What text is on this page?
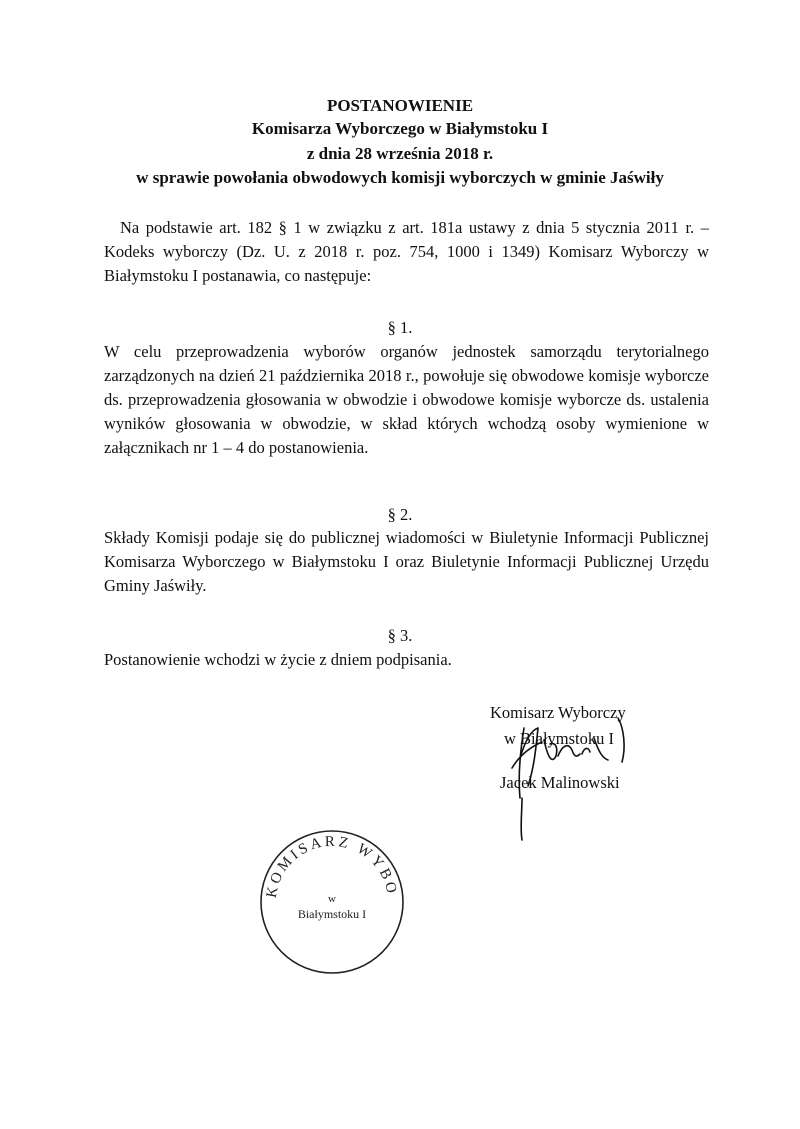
POSTANOWIENIE
Komisarza Wyborczego w Białymstoku I
z dnia 28 września 2018 r.
w sprawie powołania obwodowych komisji wyborczych w gminie Jaświły
Na podstawie art. 182 § 1 w związku z art. 181a ustawy z dnia 5 stycznia 2011 r. – Kodeks wyborczy (Dz. U. z 2018 r. poz. 754, 1000 i 1349) Komisarz Wyborczy w Białymstoku I postanawia, co następuje:
§ 1.
W celu przeprowadzenia wyborów organów jednostek samorządu terytorialnego zarządzonych na dzień 21 października 2018 r., powołuje się obwodowe komisje wyborcze ds. przeprowadzenia głosowania w obwodzie i obwodowe komisje wyborcze ds. ustalenia wyników głosowania w obwodzie, w skład których wchodzą osoby wymienione w załącznikach nr 1 – 4 do postanowienia.
§ 2.
Składy Komisji podaje się do publicznej wiadomości w Biuletynie Informacji Publicznej Komisarza Wyborczego w Białymstoku I oraz Biuletynie Informacji Publicznej Urzędu Gminy Jaświły.
§ 3.
Postanowienie wchodzi w życie z dniem podpisania.
Komisarz Wyborczy
w Białymstoku I
Jacek Malinowski
KOMISARZ WYBO
w
Białymstoku I
